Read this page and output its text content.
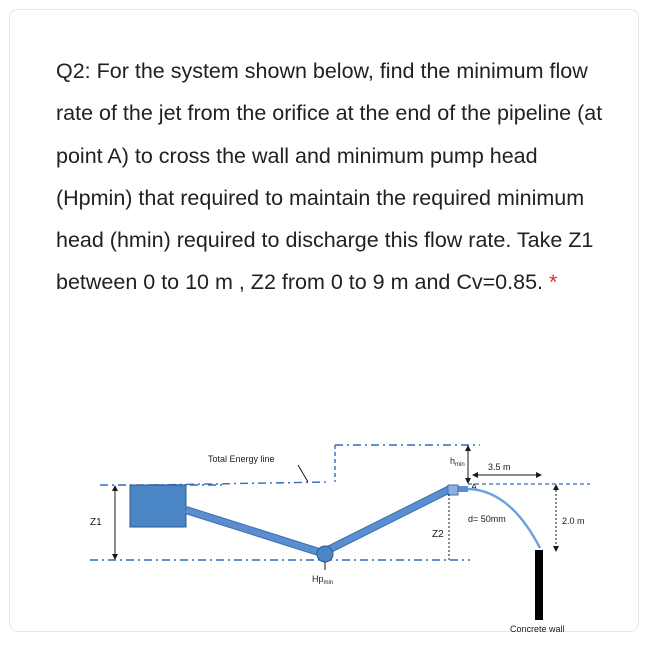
Q2: For the system shown below, find the minimum flow rate of the jet from the orifice at the end of the pipeline (at point A) to cross the wall and minimum pump head (Hpmin) that required to maintain the required minimum head (hmin) required to discharge this flow rate. Take Z1 between 0 to 10 m , Z2 from 0 to 9 m and Cv=0.85. *

Z1
$Hp_{min}$
Z2
$h_{min}$	3.5 m
A
d= 50mm	2.0 m
Total Energy line
Concrete wall
